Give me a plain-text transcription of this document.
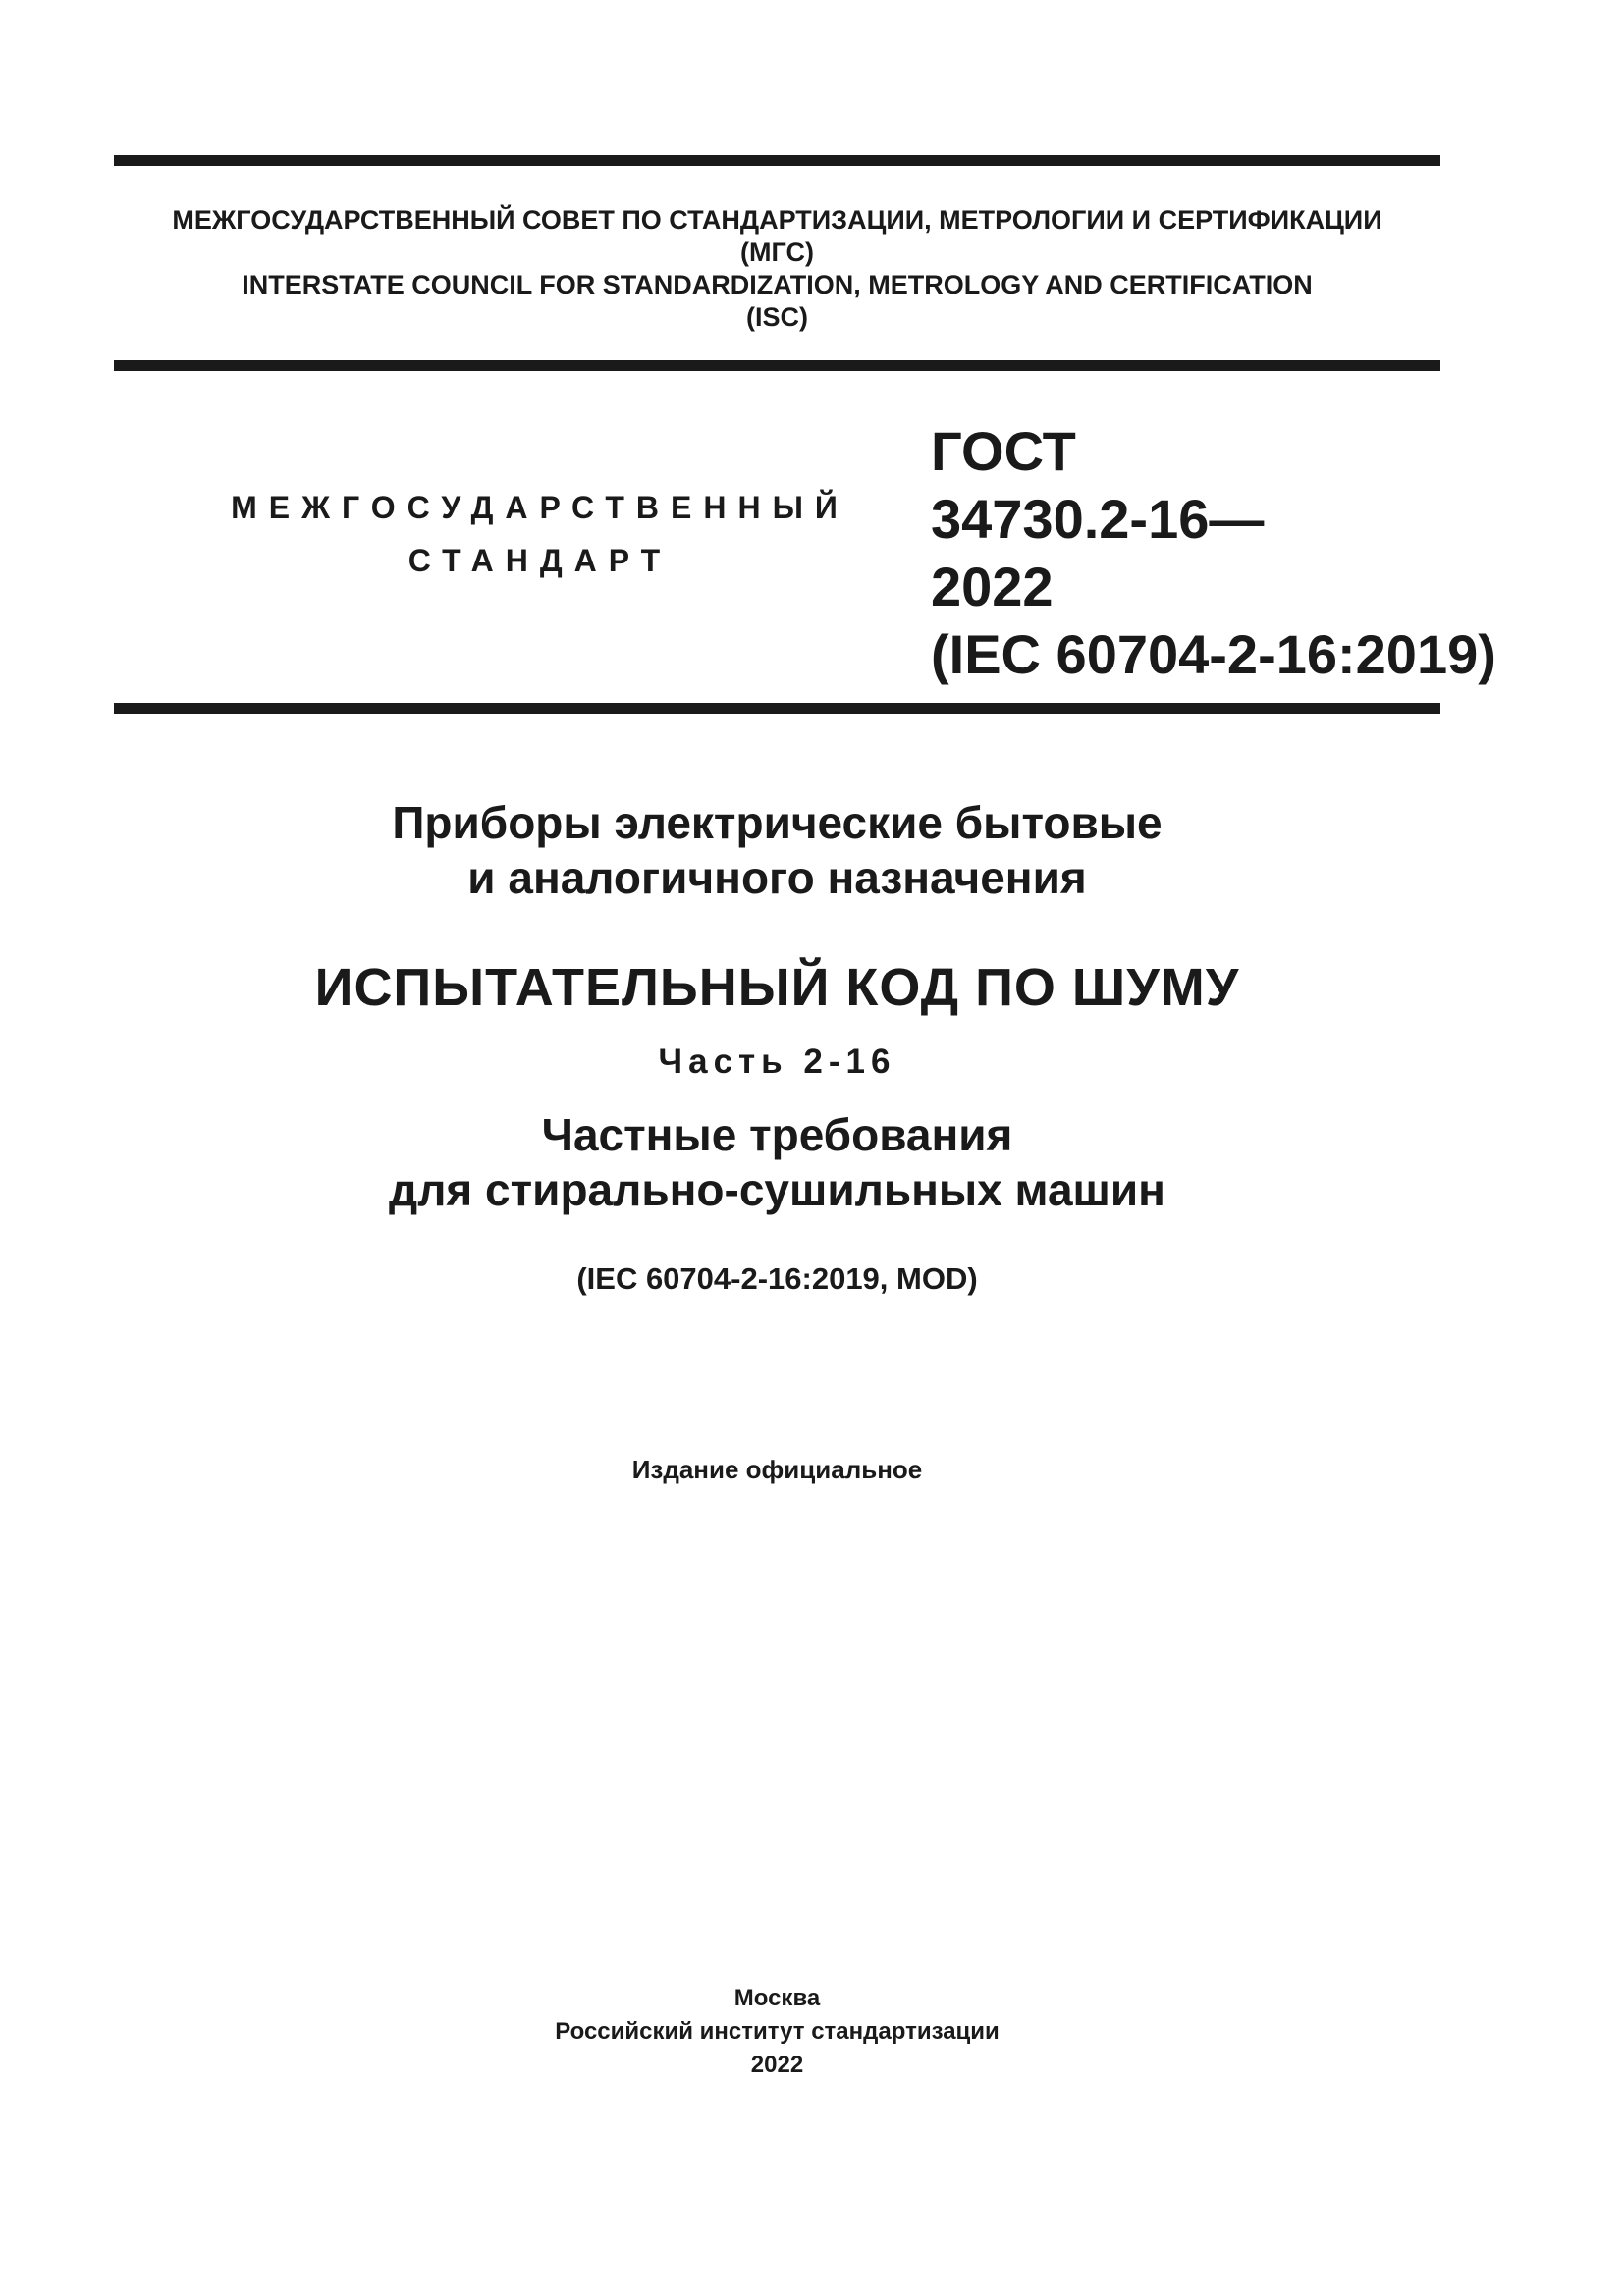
МЕЖГОСУДАРСТВЕННЫЙ СОВЕТ ПО СТАНДАРТИЗАЦИИ, МЕТРОЛОГИИ И СЕРТИФИКАЦИИ
(МГС)
INTERSTATE COUNCIL FOR STANDARDIZATION, METROLOGY AND CERTIFICATION
(ISC)
МЕЖГОСУДАРСТВЕННЫЙ
СТАНДАРТ
ГОСТ
34730.2-16—
2022
(IEC 60704-2-16:2019)
Приборы электрические бытовые
и аналогичного назначения
ИСПЫТАТЕЛЬНЫЙ КОД ПО ШУМУ
Часть 2-16
Частные требования
для стирально-сушильных машин
(IEC 60704-2-16:2019, MOD)
Издание официальное
Москва
Российский институт стандартизации
2022
